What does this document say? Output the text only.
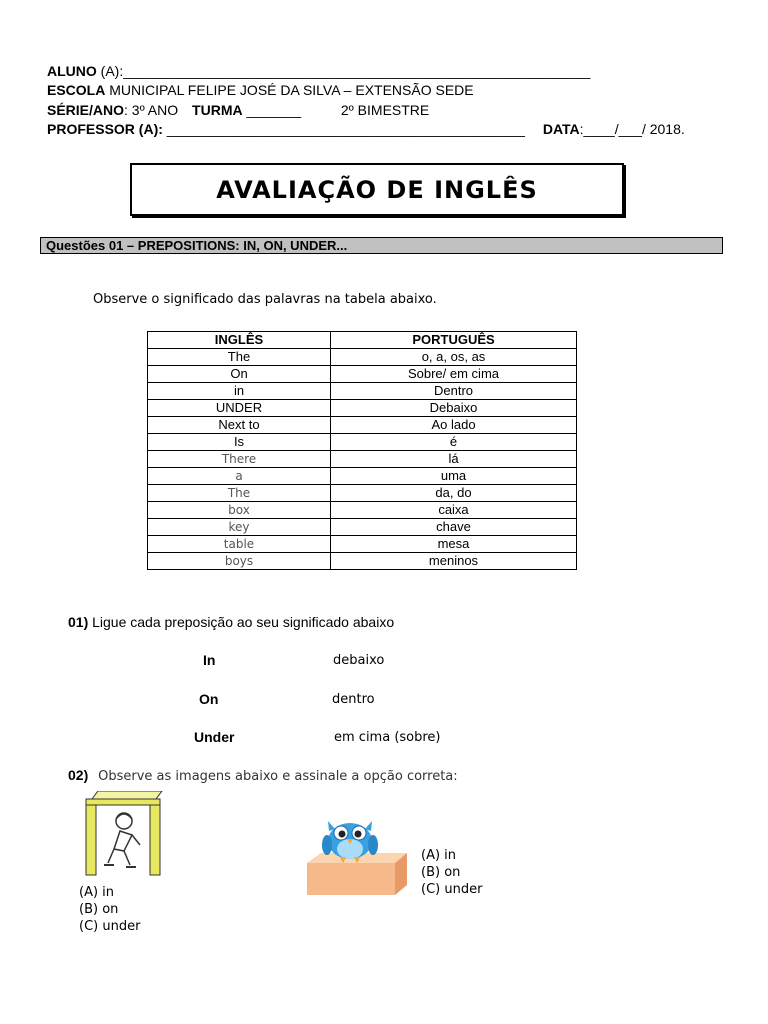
ALUNO (A):____________________________________________________________
ESCOLA MUNICIPAL FELIPE JOSÉ DA SILVA – EXTENSÃO SEDE
SÉRIE/ANO: 3º ANO TURMA _______	2º BIMESTRE
PROFESSOR (A): ______________________________________________ DATA:____/___/ 2018.
AVALIAÇÃO DE INGLÊS
Questões 01 – PREPOSITIONS: IN, ON, UNDER...
Observe o significado das palavras na tabela abaixo.
INGLÊS	PORTUGUÊS
The	o, a, os, as
On	Sobre/ em cima
in	Dentro
UNDER	Debaixo
Next to	Ao lado
Is	é
There	lá
a	uma
The	da, do
box	caixa
key	chave
table	mesa
boys	meninos
01) Ligue cada preposição ao seu significado abaixo
In
On
Under
debaixo
dentro
em cima (sobre)
02) Observe as imagens abaixo e assinale a opção correta:
(A) in
(B) on
(C) under
(A) in
(B) on
(C) under
